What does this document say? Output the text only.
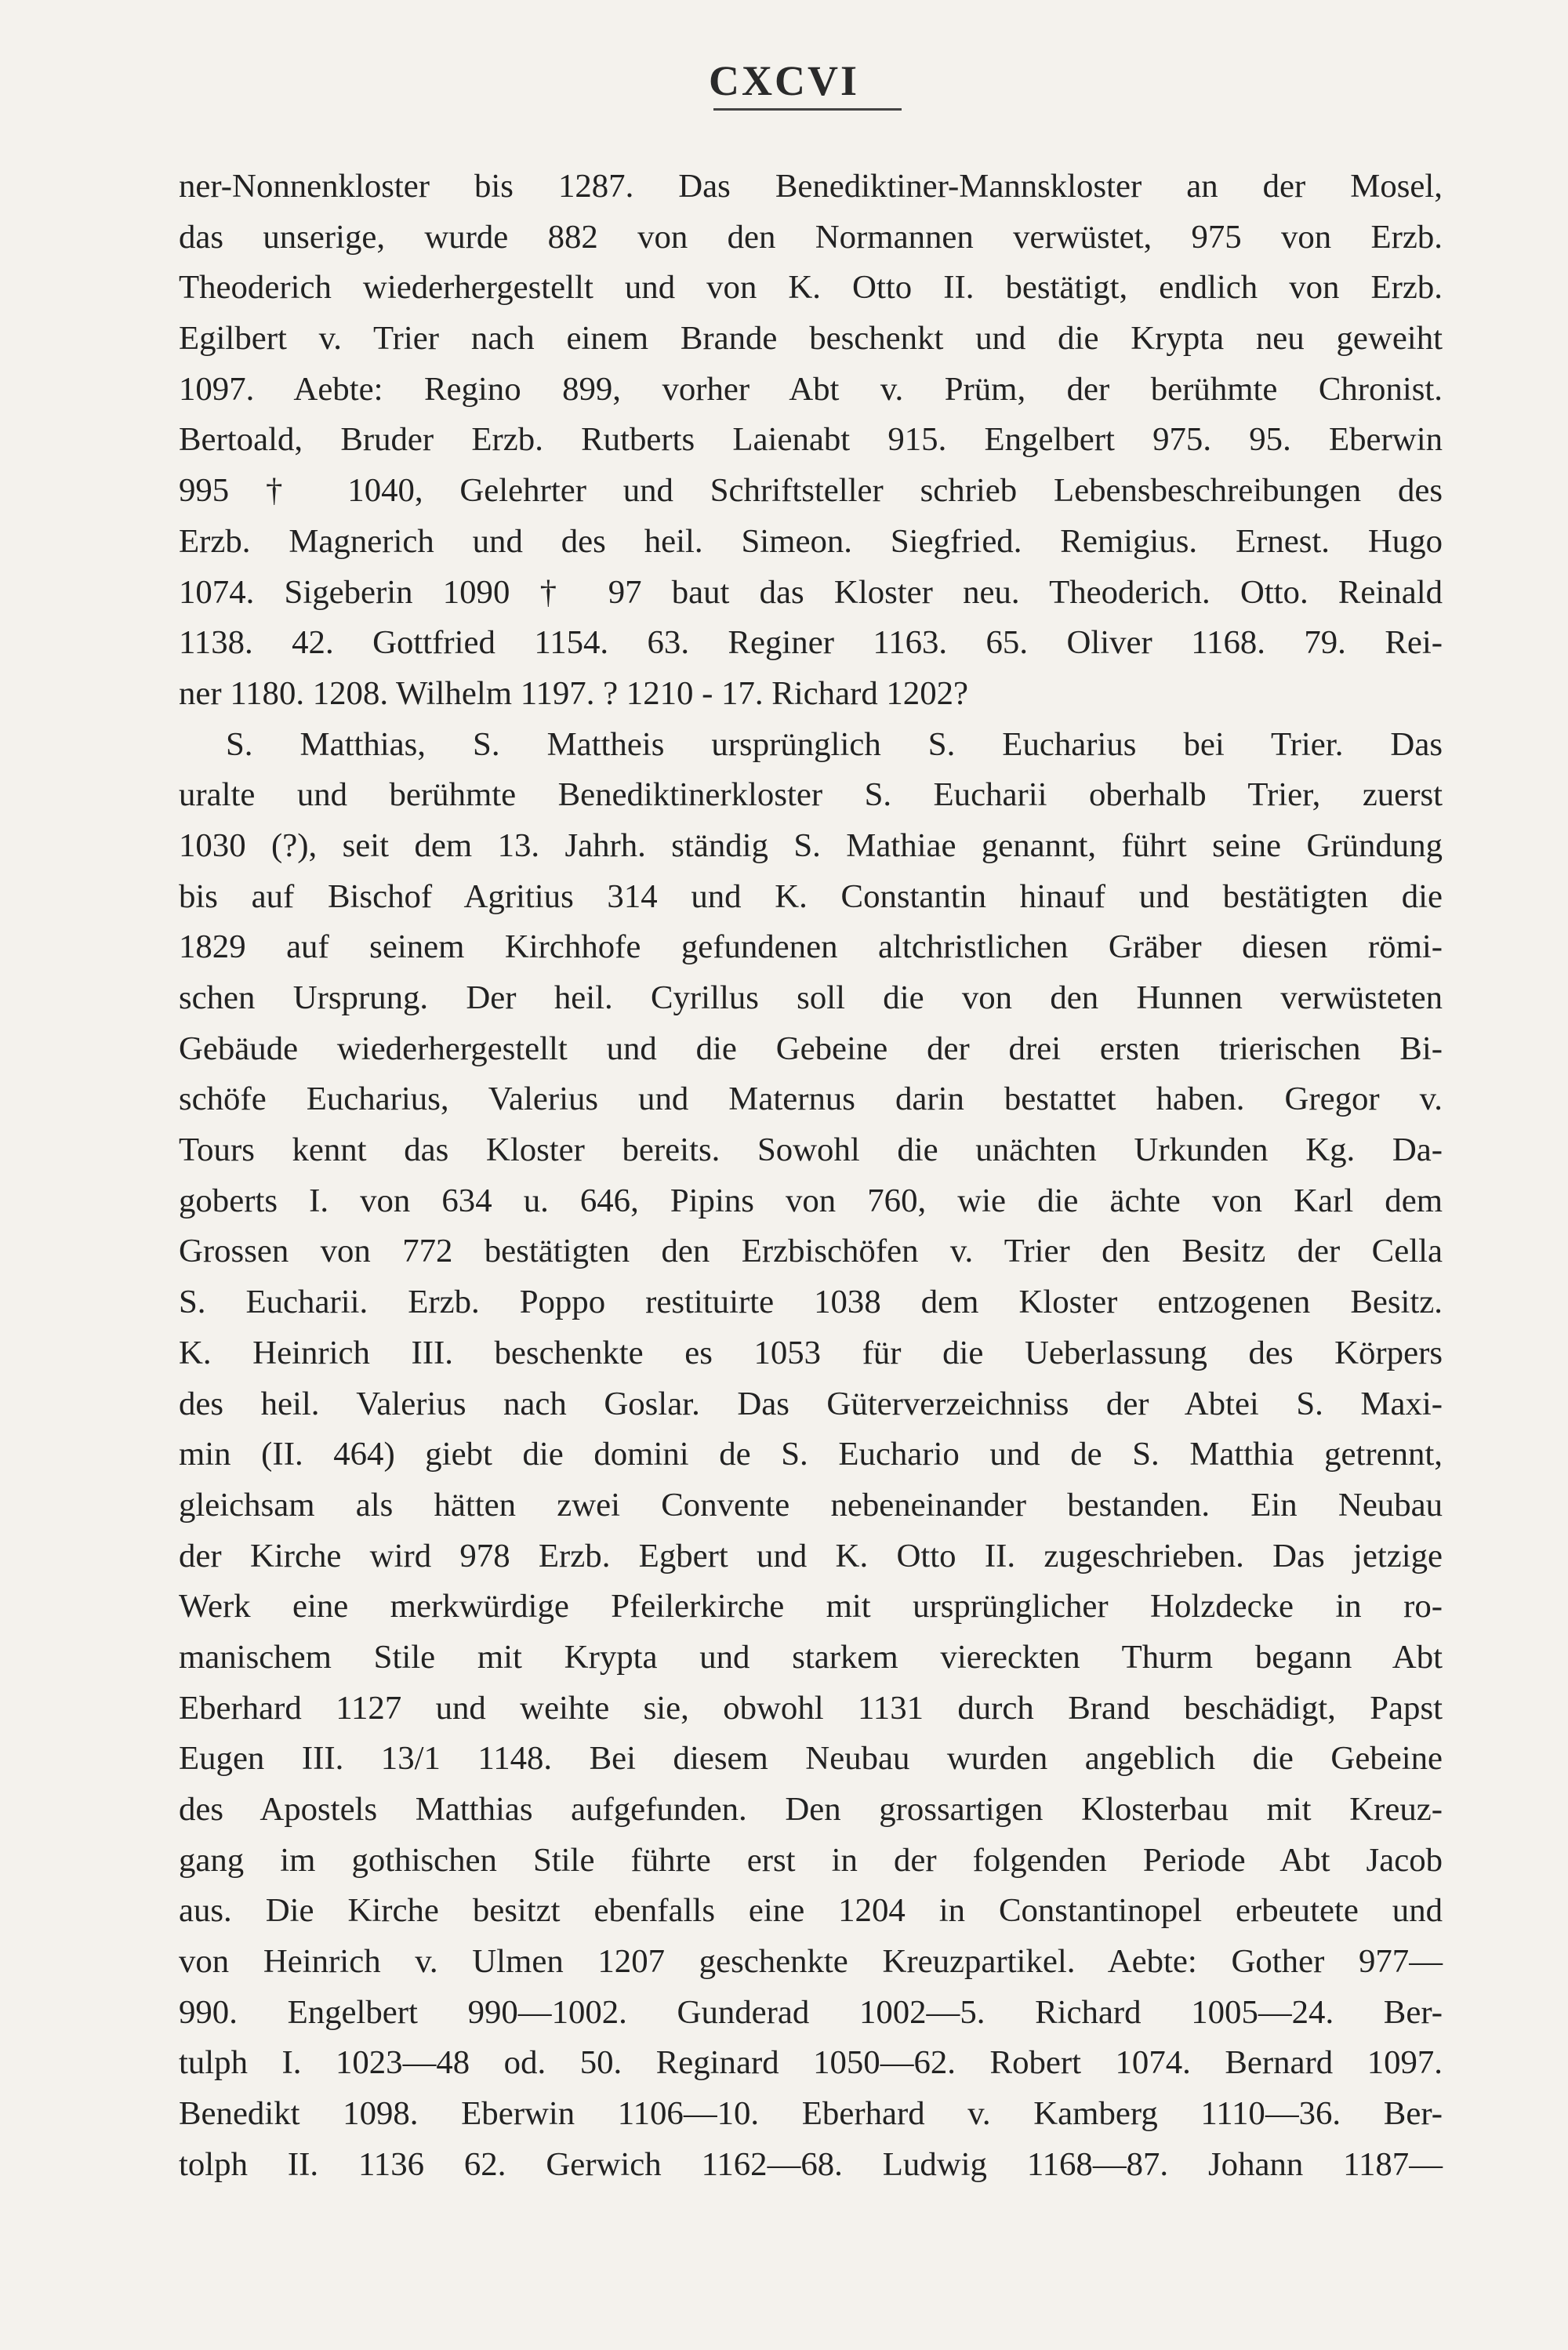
CXCVI
ner-Nonnenkloster bis 1287. Das Benediktiner-Mannskloster an der Mosel,
das unserige, wurde 882 von den Normannen verwüstet, 975 von Erzb.
Theoderich wiederhergestellt und von K. Otto II. bestätigt, endlich von Erzb.
Egilbert v. Trier nach einem Brande beschenkt und die Krypta neu geweiht
1097. Aebte: Regino 899, vorher Abt v. Prüm, der berühmte Chronist.
Bertoald, Bruder Erzb. Rutberts Laienabt 915. Engelbert 975. 95. Eberwin
995 † 1040, Gelehrter und Schriftsteller schrieb Lebensbeschreibungen des
Erzb. Magnerich und des heil. Simeon. Siegfried. Remigius. Ernest. Hugo
1074. Sigeberin 1090 † 97 baut das Kloster neu. Theoderich. Otto. Reinald
1138. 42. Gottfried 1154. 63. Reginer 1163. 65. Oliver 1168. 79. Rei-
ner 1180. 1208. Wilhelm 1197. ? 1210 - 17. Richard 1202?
S. Matthias, S. Mattheis ursprünglich S. Eucharius bei Trier. Das
uralte und berühmte Benediktinerkloster S. Eucharii oberhalb Trier, zuerst
1030 (?), seit dem 13. Jahrh. ständig S. Mathiae genannt, führt seine Gründung
bis auf Bischof Agritius 314 und K. Constantin hinauf und bestätigten die
1829 auf seinem Kirchhofe gefundenen altchristlichen Gräber diesen römi-
schen Ursprung. Der heil. Cyrillus soll die von den Hunnen verwüsteten
Gebäude wiederhergestellt und die Gebeine der drei ersten trierischen Bi-
schöfe Eucharius, Valerius und Maternus darin bestattet haben. Gregor v.
Tours kennt das Kloster bereits. Sowohl die unächten Urkunden Kg. Da-
goberts I. von 634 u. 646, Pipins von 760, wie die ächte von Karl dem
Grossen von 772 bestätigten den Erzbischöfen v. Trier den Besitz der Cella
S. Eucharii. Erzb. Poppo restituirte 1038 dem Kloster entzogenen Besitz.
K. Heinrich III. beschenkte es 1053 für die Ueberlassung des Körpers
des heil. Valerius nach Goslar. Das Güterverzeichniss der Abtei S. Maxi-
min (II. 464) giebt die domini de S. Euchario und de S. Matthia getrennt,
gleichsam als hätten zwei Convente nebeneinander bestanden. Ein Neubau
der Kirche wird 978 Erzb. Egbert und K. Otto II. zugeschrieben. Das jetzige
Werk eine merkwürdige Pfeilerkirche mit ursprünglicher Holzdecke in ro-
manischem Stile mit Krypta und starkem viereckten Thurm begann Abt
Eberhard 1127 und weihte sie, obwohl 1131 durch Brand beschädigt, Papst
Eugen III. 13/1 1148. Bei diesem Neubau wurden angeblich die Gebeine
des Apostels Matthias aufgefunden. Den grossartigen Klosterbau mit Kreuz-
gang im gothischen Stile führte erst in der folgenden Periode Abt Jacob
aus. Die Kirche besitzt ebenfalls eine 1204 in Constantinopel erbeutete und
von Heinrich v. Ulmen 1207 geschenkte Kreuzpartikel. Aebte: Gother 977—
990. Engelbert 990—1002. Gunderad 1002—5. Richard 1005—24. Ber-
tulph I. 1023—48 od. 50. Reginard 1050—62. Robert 1074. Bernard 1097.
Benedikt 1098. Eberwin 1106—10. Eberhard v. Kamberg 1110—36. Ber-
tolph II. 1136 62. Gerwich 1162—68. Ludwig 1168—87. Johann 1187—
